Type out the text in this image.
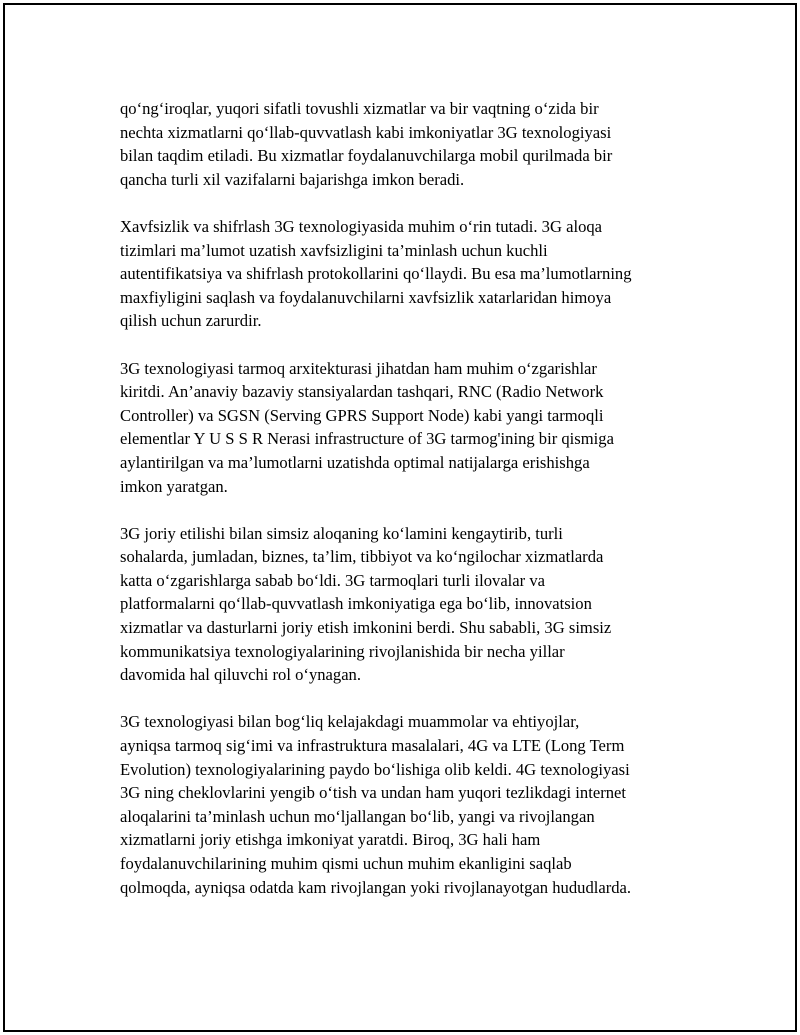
qo‘ng‘iroqlar, yuqori sifatli tovushli xizmatlar va bir vaqtning o‘zida bir
nechta xizmatlarni qo‘llab-quvvatlash kabi imkoniyatlar 3G texnologiyasi
bilan taqdim etiladi. Bu xizmatlar foydalanuvchilarga mobil qurilmada bir
qancha turli xil vazifalarni bajarishga imkon beradi.

Xavfsizlik va shifrlash 3G texnologiyasida muhim o‘rin tutadi. 3G aloqa
tizimlari ma’lumot uzatish xavfsizligini ta’minlash uchun kuchli
autentifikatsiya va shifrlash protokollarini qo‘llaydi. Bu esa ma’lumotlarning
maxfiyligini saqlash va foydalanuvchilarni xavfsizlik xatarlaridan himoya
qilish uchun zarurdir.

3G texnologiyasi tarmoq arxitekturasi jihatdan ham muhim o‘zgarishlar
kiritdi. An’anaviy bazaviy stansiyalardan tashqari, RNC (Radio Network
Controller) va SGSN (Serving GPRS Support Node) kabi yangi tarmoqli
elementlar Y U S S R Nerasi infrastructure of 3G tarmog'ining bir qismiga
aylantirilgan va ma’lumotlarni uzatishda optimal natijalarga erishishga
imkon yaratgan.

3G joriy etilishi bilan simsiz aloqaning ko‘lamini kengaytirib, turli
sohalarda, jumladan, biznes, ta’lim, tibbiyot va ko‘ngilochar xizmatlarda
katta o‘zgarishlarga sabab bo‘ldi. 3G tarmoqlari turli ilovalar va
platformalarni qo‘llab-quvvatlash imkoniyatiga ega bo‘lib, innovatsion
xizmatlar va dasturlarni joriy etish imkonini berdi. Shu sababli, 3G simsiz
kommunikatsiya texnologiyalarining rivojlanishida bir necha yillar
davomida hal qiluvchi rol o‘ynagan.

3G texnologiyasi bilan bog‘liq kelajakdagi muammolar va ehtiyojlar,
ayniqsa tarmoq sig‘imi va infrastruktura masalalari, 4G va LTE (Long Term
Evolution) texnologiyalarining paydo bo‘lishiga olib keldi. 4G texnologiyasi
3G ning cheklovlarini yengib o‘tish va undan ham yuqori tezlikdagi internet
aloqalarini ta’minlash uchun mo‘ljallangan bo‘lib, yangi va rivojlangan
xizmatlarni joriy etishga imkoniyat yaratdi. Biroq, 3G hali ham
foydalanuvchilarining muhim qismi uchun muhim ekanligini saqlab
qolmoqda, ayniqsa odatda kam rivojlangan yoki rivojlanayotgan hududlarda.
